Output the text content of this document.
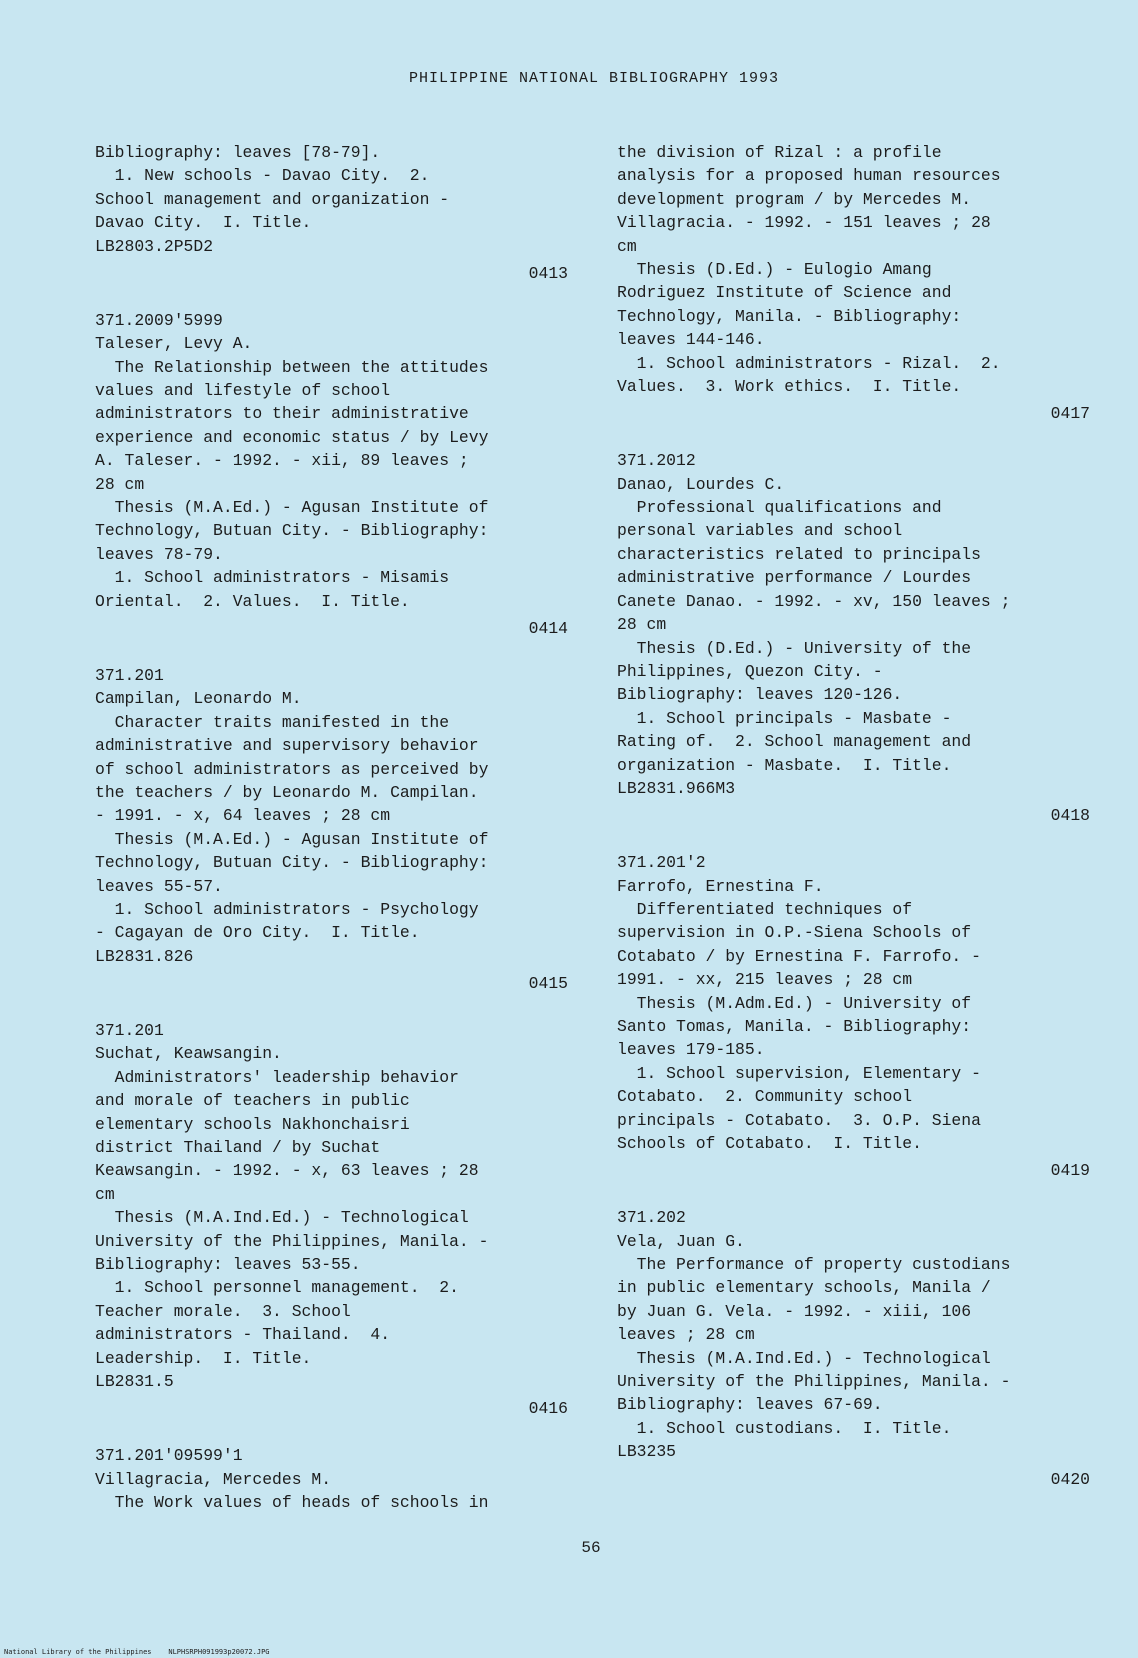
PHILIPPINE NATIONAL BIBLIOGRAPHY 1993
Bibliography: leaves [78-79].
1. New schools - Davao City.  2.
School management and organization -
Davao City.  I. Title.
LB2803.2P5D2
0413
371.2009'5999
Taleser, Levy A.
The Relationship between the attitudes
values and lifestyle of school
administrators to their administrative
experience and economic status / by Levy
A. Taleser. - 1992. - xii, 89 leaves ;
28 cm
Thesis (M.A.Ed.) - Agusan Institute of
Technology, Butuan City. - Bibliography:
leaves 78-79.
1. School administrators - Misamis
Oriental.  2. Values.  I. Title.
0414
371.201
Campilan, Leonardo M.
Character traits manifested in the
administrative and supervisory behavior
of school administrators as perceived by
the teachers / by Leonardo M. Campilan.
- 1991. - x, 64 leaves ; 28 cm
Thesis (M.A.Ed.) - Agusan Institute of
Technology, Butuan City. - Bibliography:
leaves 55-57.
1. School administrators - Psychology
- Cagayan de Oro City.  I. Title.
LB2831.826
0415
371.201
Suchat, Keawsangin.
Administrators' leadership behavior
and morale of teachers in public
elementary schools Nakhonchaisri
district Thailand / by Suchat
Keawsangin. - 1992. - x, 63 leaves ; 28
cm
Thesis (M.A.Ind.Ed.) - Technological
University of the Philippines, Manila. -
Bibliography: leaves 53-55.
1. School personnel management.  2.
Teacher morale.  3. School
administrators - Thailand.  4.
Leadership.  I. Title.
LB2831.5
0416
371.201'09599'1
Villagracia, Mercedes M.
The Work values of heads of schools in
the division of Rizal : a profile
analysis for a proposed human resources
development program / by Mercedes M.
Villagracia. - 1992. - 151 leaves ; 28
cm
Thesis (D.Ed.) - Eulogio Amang
Rodriguez Institute of Science and
Technology, Manila. - Bibliography:
leaves 144-146.
1. School administrators - Rizal.  2.
Values.  3. Work ethics.  I. Title.
0417
371.2012
Danao, Lourdes C.
Professional qualifications and
personal variables and school
characteristics related to principals
administrative performance / Lourdes
Canete Danao. - 1992. - xv, 150 leaves ;
28 cm
Thesis (D.Ed.) - University of the
Philippines, Quezon City. -
Bibliography: leaves 120-126.
1. School principals - Masbate -
Rating of.  2. School management and
organization - Masbate.  I. Title.
LB2831.966M3
0418
371.201'2
Farrofo, Ernestina F.
Differentiated techniques of
supervision in O.P.-Siena Schools of
Cotabato / by Ernestina F. Farrofo. -
1991. - xx, 215 leaves ; 28 cm
Thesis (M.Adm.Ed.) - University of
Santo Tomas, Manila. - Bibliography:
leaves 179-185.
1. School supervision, Elementary -
Cotabato.  2. Community school
principals - Cotabato.  3. O.P. Siena
Schools of Cotabato.  I. Title.
0419
371.202
Vela, Juan G.
The Performance of property custodians
in public elementary schools, Manila /
by Juan G. Vela. - 1992. - xiii, 106
leaves ; 28 cm
Thesis (M.A.Ind.Ed.) - Technological
University of the Philippines, Manila. -
Bibliography: leaves 67-69.
1. School custodians.  I. Title.
LB3235
0420
56
National Library of the Philippines    NLPHSRPH091993p20072.JPG
